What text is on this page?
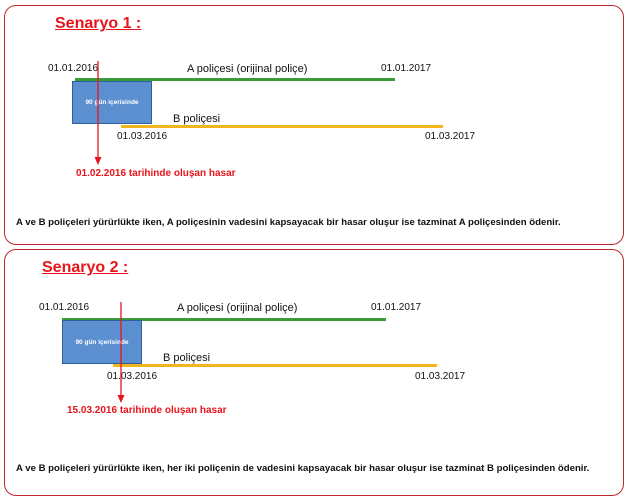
Senaryo 1 :
01.01.2016	A poliçesi (orijinal poliçe)	01.01.2017
90 gün içerisinde
B poliçesi
01.03.2016	01.03.2017
01.02.2016 tarihinde oluşan hasar
A ve B poliçeleri yürürlükte iken, A poliçesinin vadesini kapsayacak bir hasar oluşur ise tazminat A poliçesinden ödenir.
Senaryo 2 :
01.01.2016	A poliçesi (orijinal poliçe)	01.01.2017
90 gün içerisinde
B poliçesi
01.03.2016	01.03.2017
15.03.2016 tarihinde oluşan hasar
A ve B poliçeleri yürürlükte iken, her iki poliçenin de vadesini kapsayacak bir hasar oluşur ise tazminat B poliçesinden ödenir.
